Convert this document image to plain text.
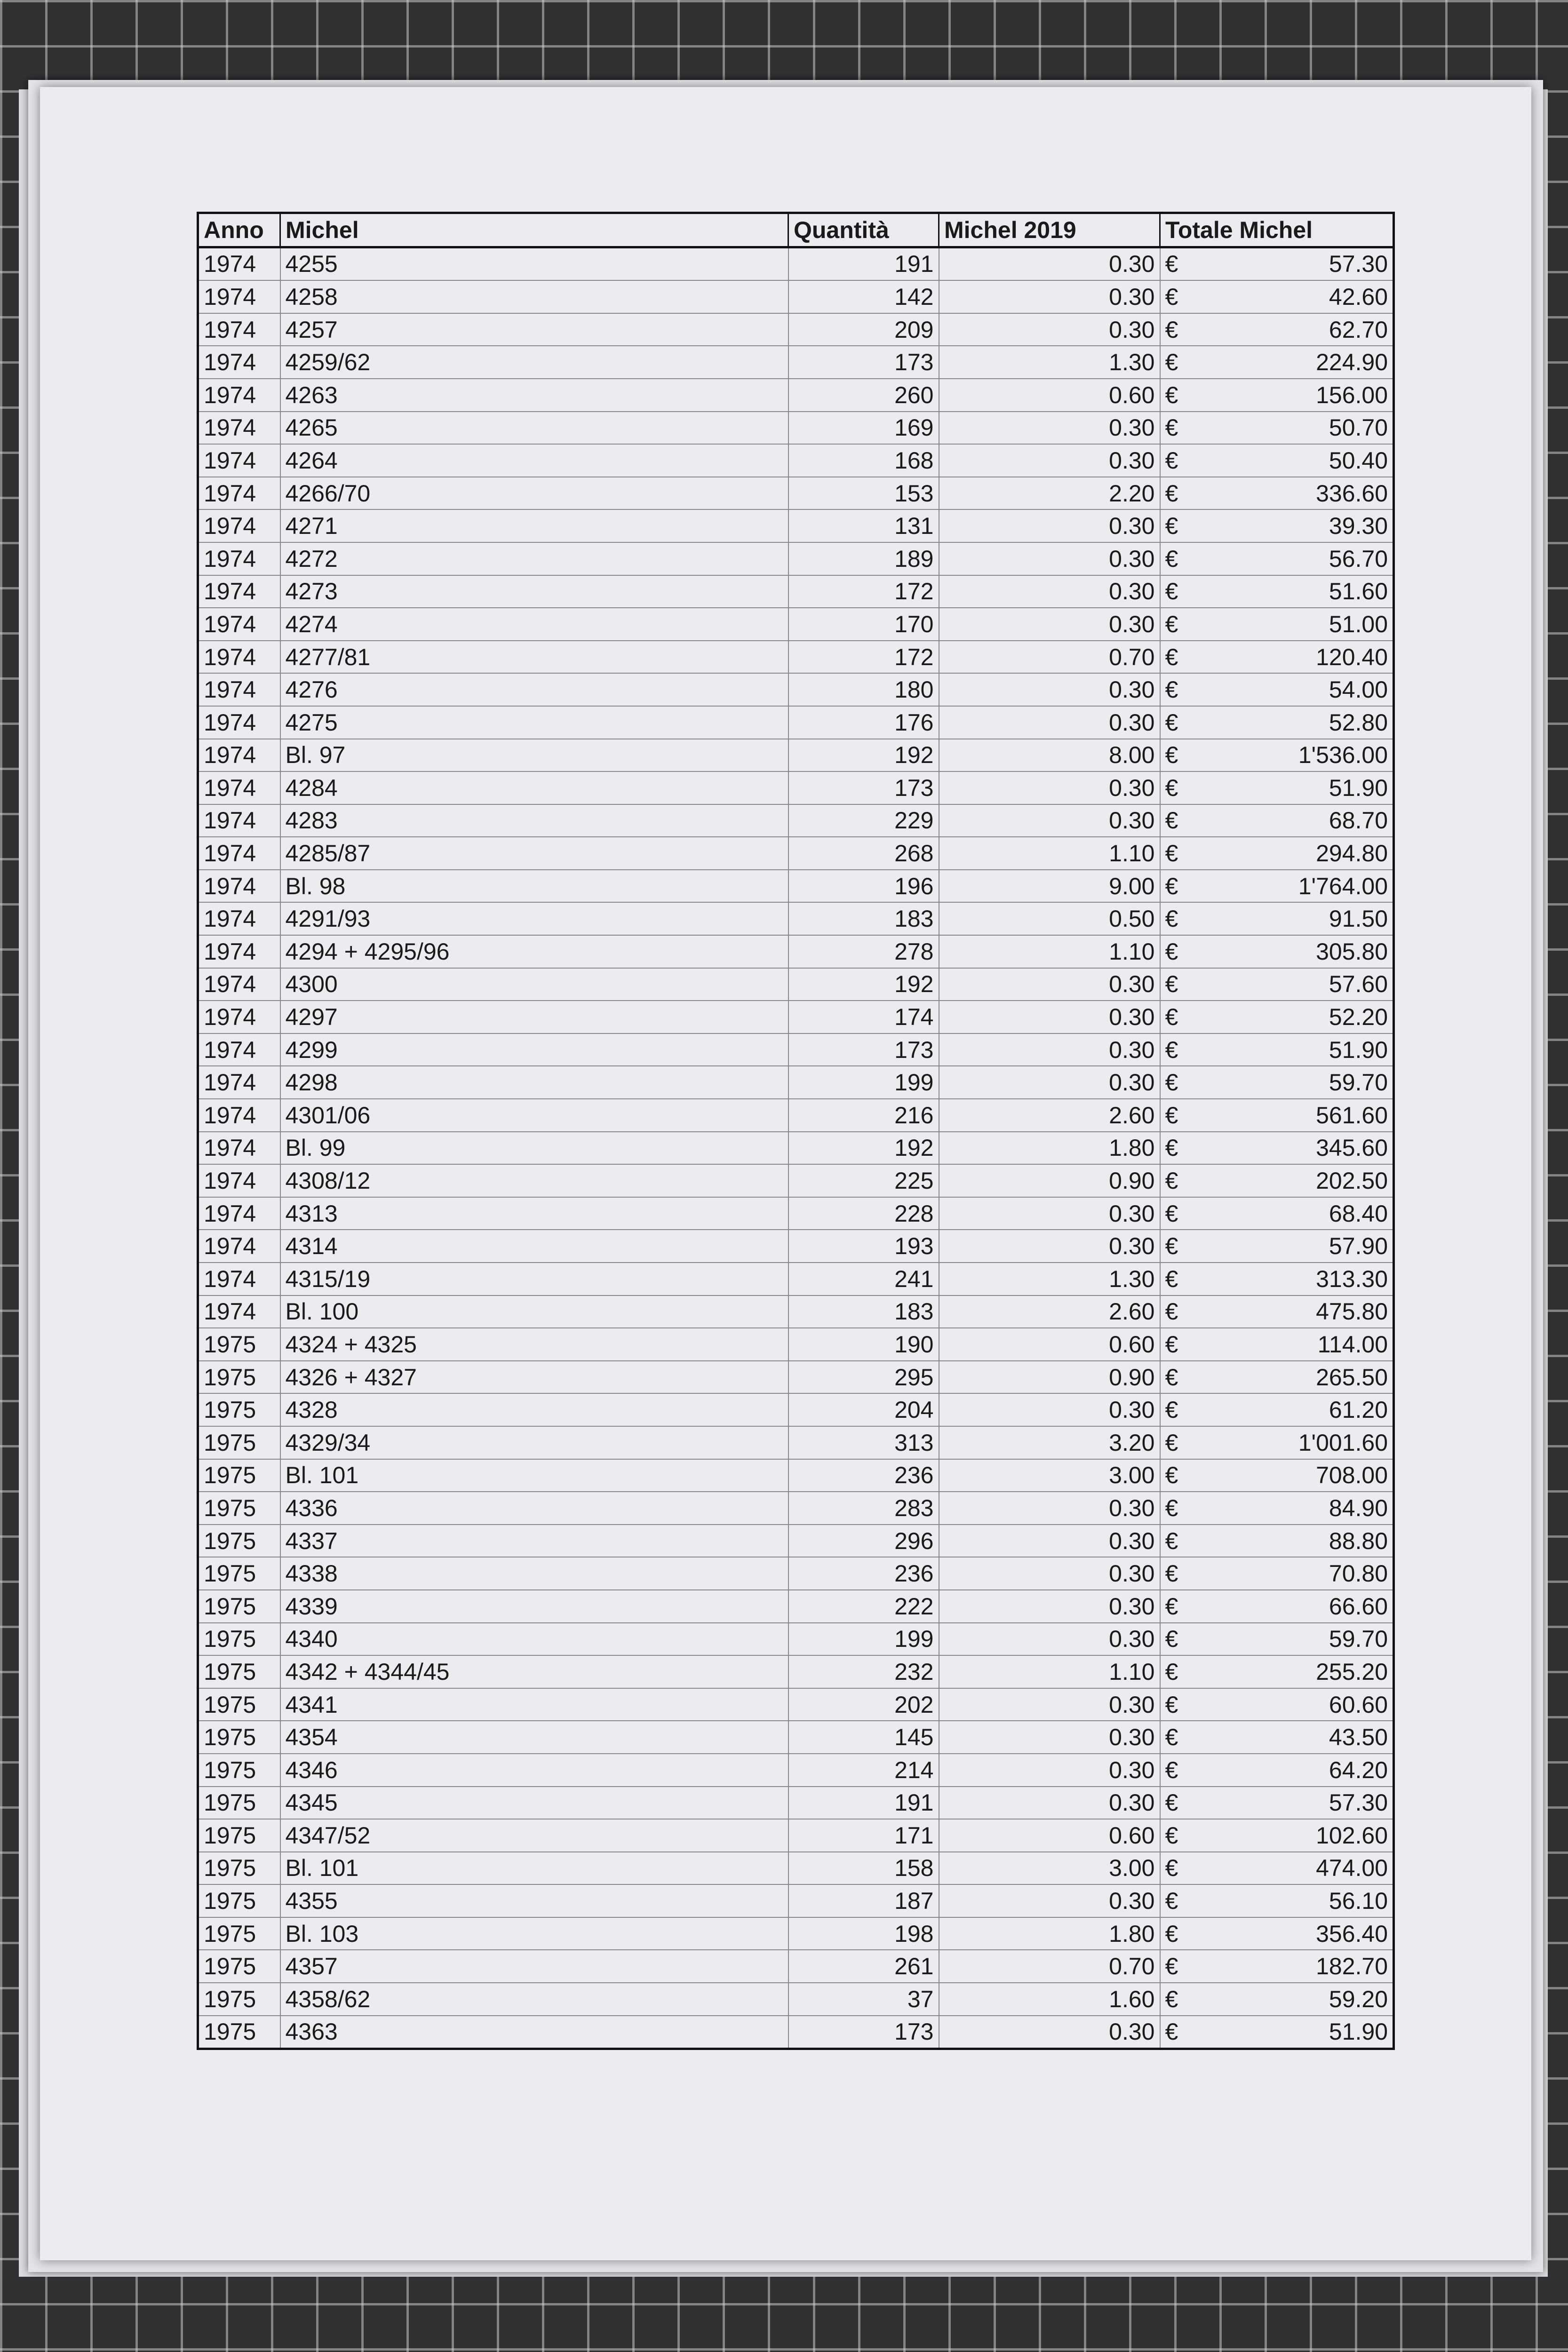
Anno	Michel	Quantità	Michel 2019	Totale Michel	
1974	4255	191	0.30	€	57.30
1974	4258	142	0.30	€	42.60
1974	4257	209	0.30	€	62.70
1974	4259/62	173	1.30	€	224.90
1974	4263	260	0.60	€	156.00
1974	4265	169	0.30	€	50.70
1974	4264	168	0.30	€	50.40
1974	4266/70	153	2.20	€	336.60
1974	4271	131	0.30	€	39.30
1974	4272	189	0.30	€	56.70
1974	4273	172	0.30	€	51.60
1974	4274	170	0.30	€	51.00
1974	4277/81	172	0.70	€	120.40
1974	4276	180	0.30	€	54.00
1974	4275	176	0.30	€	52.80
1974	Bl. 97	192	8.00	€	1'536.00
1974	4284	173	0.30	€	51.90
1974	4283	229	0.30	€	68.70
1974	4285/87	268	1.10	€	294.80
1974	Bl. 98	196	9.00	€	1'764.00
1974	4291/93	183	0.50	€	91.50
1974	4294 + 4295/96	278	1.10	€	305.80
1974	4300	192	0.30	€	57.60
1974	4297	174	0.30	€	52.20
1974	4299	173	0.30	€	51.90
1974	4298	199	0.30	€	59.70
1974	4301/06	216	2.60	€	561.60
1974	Bl. 99	192	1.80	€	345.60
1974	4308/12	225	0.90	€	202.50
1974	4313	228	0.30	€	68.40
1974	4314	193	0.30	€	57.90
1974	4315/19	241	1.30	€	313.30
1974	Bl. 100	183	2.60	€	475.80
1975	4324 + 4325	190	0.60	€	114.00
1975	4326 + 4327	295	0.90	€	265.50
1975	4328	204	0.30	€	61.20
1975	4329/34	313	3.20	€	1'001.60
1975	Bl. 101	236	3.00	€	708.00
1975	4336	283	0.30	€	84.90
1975	4337	296	0.30	€	88.80
1975	4338	236	0.30	€	70.80
1975	4339	222	0.30	€	66.60
1975	4340	199	0.30	€	59.70
1975	4342 + 4344/45	232	1.10	€	255.20
1975	4341	202	0.30	€	60.60
1975	4354	145	0.30	€	43.50
1975	4346	214	0.30	€	64.20
1975	4345	191	0.30	€	57.30
1975	4347/52	171	0.60	€	102.60
1975	Bl. 101	158	3.00	€	474.00
1975	4355	187	0.30	€	56.10
1975	Bl. 103	198	1.80	€	356.40
1975	4357	261	0.70	€	182.70
1975	4358/62	37	1.60	€	59.20
1975	4363	173	0.30	€	51.90
